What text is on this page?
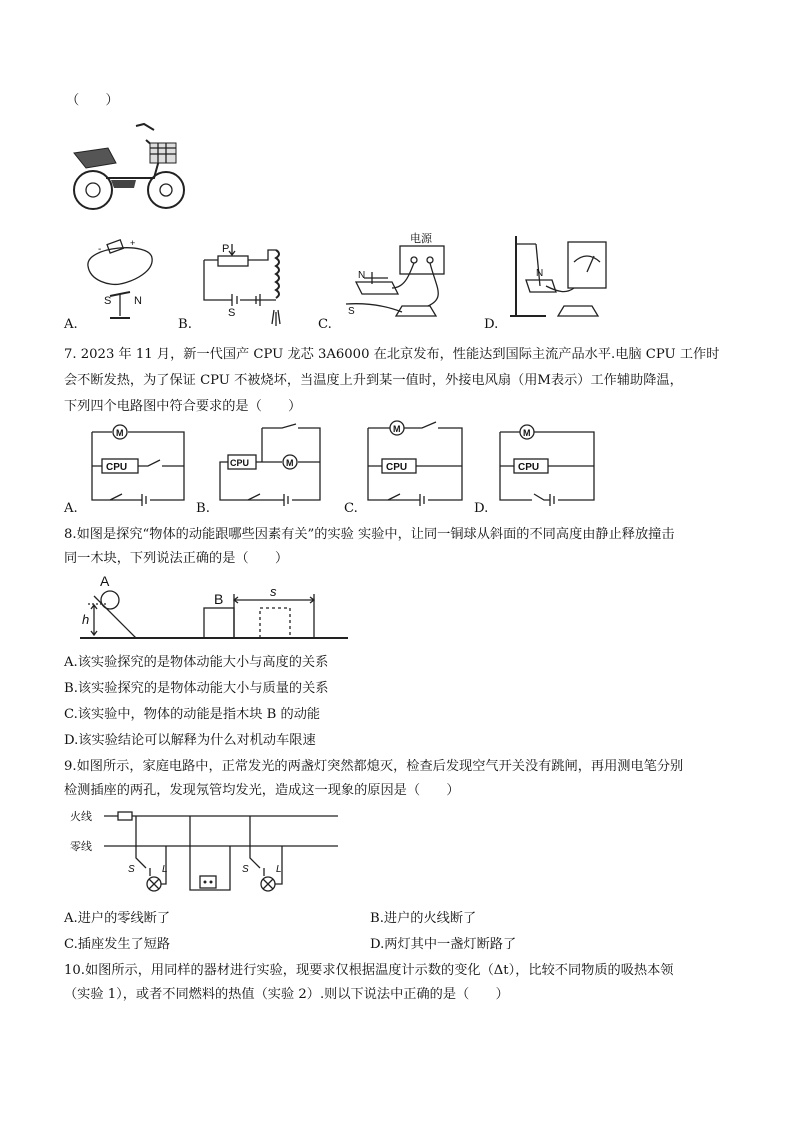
（　　）
-
+
S N
A.
P
S
B.
电源
N
S
C.
N
D.
7. 2023 年 11 月，新一代国产 CPU 龙芯 3A6000 在北京发布，性能达到国际主流产品水平.电脑 CPU 工作时
会不断发热，为了保证 CPU 不被烧坏，当温度上升到某一值时，外接电风扇（用M表示）工作辅助降温，
下列四个电路图中符合要求的是（　　）
M
CPU
A.
CPU	M
B.
M
CPU
C.
M
CPU
D.
8.如图是探究“物体的动能跟哪些因素有关”的实验 实验中，让同一铜球从斜面的不同高度由静止释放撞击
同一木块，下列说法正确的是（　　）
A
B
h
s
A.该实验探究的是物体动能大小与高度的关系
B.该实验探究的是物体动能大小与质量的关系
C.该实验中，物体的动能是指木块 B 的动能
D.该实验结论可以解释为什么对机动车限速
9.如图所示，家庭电路中，正常发光的两盏灯突然都熄灭，检查后发现空气开关没有跳闸，再用测电笔分别
检测插座的两孔，发现氖管均发光，造成这一现象的原因是（　　）
火线
零线
S	L	S	L
A.进户的零线断了	B.进户的火线断了
C.插座发生了短路	D.两灯其中一盏灯断路了
10.如图所示，用同样的器材进行实验，现要求仅根据温度计示数的变化（Δt），比较不同物质的吸热本领
（实验 1），或者不同燃料的热值（实验 2）.则以下说法中正确的是（　　）
